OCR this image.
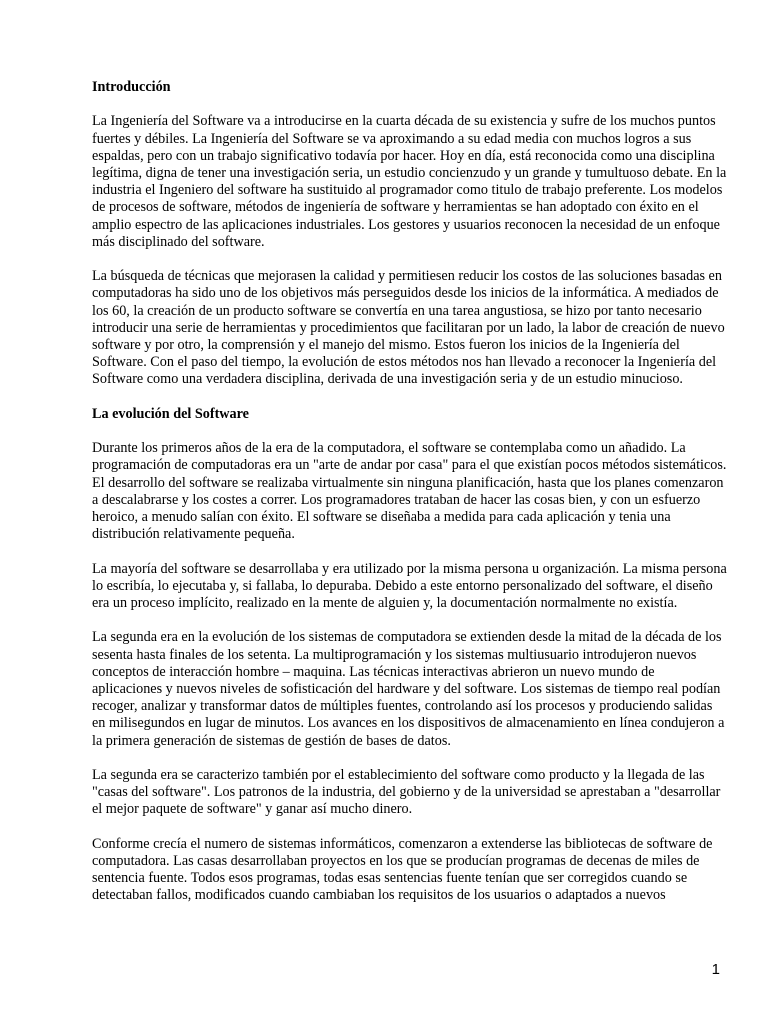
Introducción

La Ingeniería del Software va a introducirse en la cuarta década de su existencia y sufre de los muchos puntos fuertes y débiles. La Ingeniería del Software se va aproximando a su edad media con muchos logros a sus espaldas, pero con un trabajo significativo todavía por hacer. Hoy en día, está reconocida como una disciplina legítima, digna de tener una investigación seria, un estudio concienzudo y un grande y tumultuoso debate. En la industria el Ingeniero del software ha sustituido al programador como titulo de trabajo preferente. Los modelos de procesos de software, métodos de ingeniería de software y herramientas se han adoptado con éxito en el amplio espectro de las aplicaciones industriales. Los gestores y usuarios reconocen la necesidad de un enfoque más disciplinado del software.

La búsqueda de técnicas que mejorasen la calidad y permitiesen reducir los costos de las soluciones basadas en computadoras ha sido uno de los objetivos más perseguidos desde los inicios de la informática. A mediados de los 60, la creación de un producto software se convertía en una tarea angustiosa, se hizo por tanto necesario introducir una serie de herramientas y procedimientos que facilitaran por un lado, la labor de creación de nuevo software y por otro, la comprensión y el manejo del mismo. Estos fueron los inicios de la Ingeniería del Software. Con el paso del tiempo, la evolución de estos métodos nos han llevado a reconocer la Ingeniería del Software como una verdadera disciplina, derivada de una investigación seria y de un estudio minucioso.

La evolución del Software

Durante los primeros años de la era de la computadora, el software se contemplaba como un añadido. La programación de computadoras era un "arte de andar por casa" para el que existían pocos métodos sistemáticos. El desarrollo del software se realizaba virtualmente sin ninguna planificación, hasta que los planes comenzaron a descalabrarse y los costes a correr. Los programadores trataban de hacer las cosas bien, y con un esfuerzo heroico, a menudo salían con éxito. El software se diseñaba a medida para cada aplicación y tenia una distribución relativamente pequeña.

La mayoría del software se desarrollaba y era utilizado por la misma persona u organización. La misma persona lo escribía, lo ejecutaba y, si fallaba, lo depuraba. Debido a este entorno personalizado del software, el diseño era un proceso implícito, realizado en la mente de alguien y, la documentación normalmente no existía.

La segunda era en la evolución de los sistemas de computadora se extienden desde la mitad de la década de los sesenta hasta finales de los setenta. La multiprogramación y los sistemas multiusuario introdujeron nuevos conceptos de interacción hombre – maquina. Las técnicas interactivas abrieron un nuevo mundo de aplicaciones y nuevos niveles de sofisticación del hardware y del software. Los sistemas de tiempo real podían recoger, analizar y transformar datos de múltiples fuentes, controlando así los procesos y produciendo salidas en milisegundos en lugar de minutos. Los avances en los dispositivos de almacenamiento en línea condujeron a la primera generación de sistemas de gestión de bases de datos.

La segunda era se caracterizo también por el establecimiento del software como producto y la llegada de las "casas del software". Los patronos de la industria, del gobierno y de la universidad se aprestaban a "desarrollar el mejor paquete de software" y ganar así mucho dinero.

Conforme crecía el numero de sistemas informáticos, comenzaron a extenderse las bibliotecas de software de computadora. Las casas desarrollaban proyectos en los que se producían programas de decenas de miles de sentencia fuente. Todos esos programas, todas esas sentencias fuente tenían que ser corregidos cuando se detectaban fallos, modificados cuando cambiaban los requisitos de los usuarios o adaptados a nuevos

1
